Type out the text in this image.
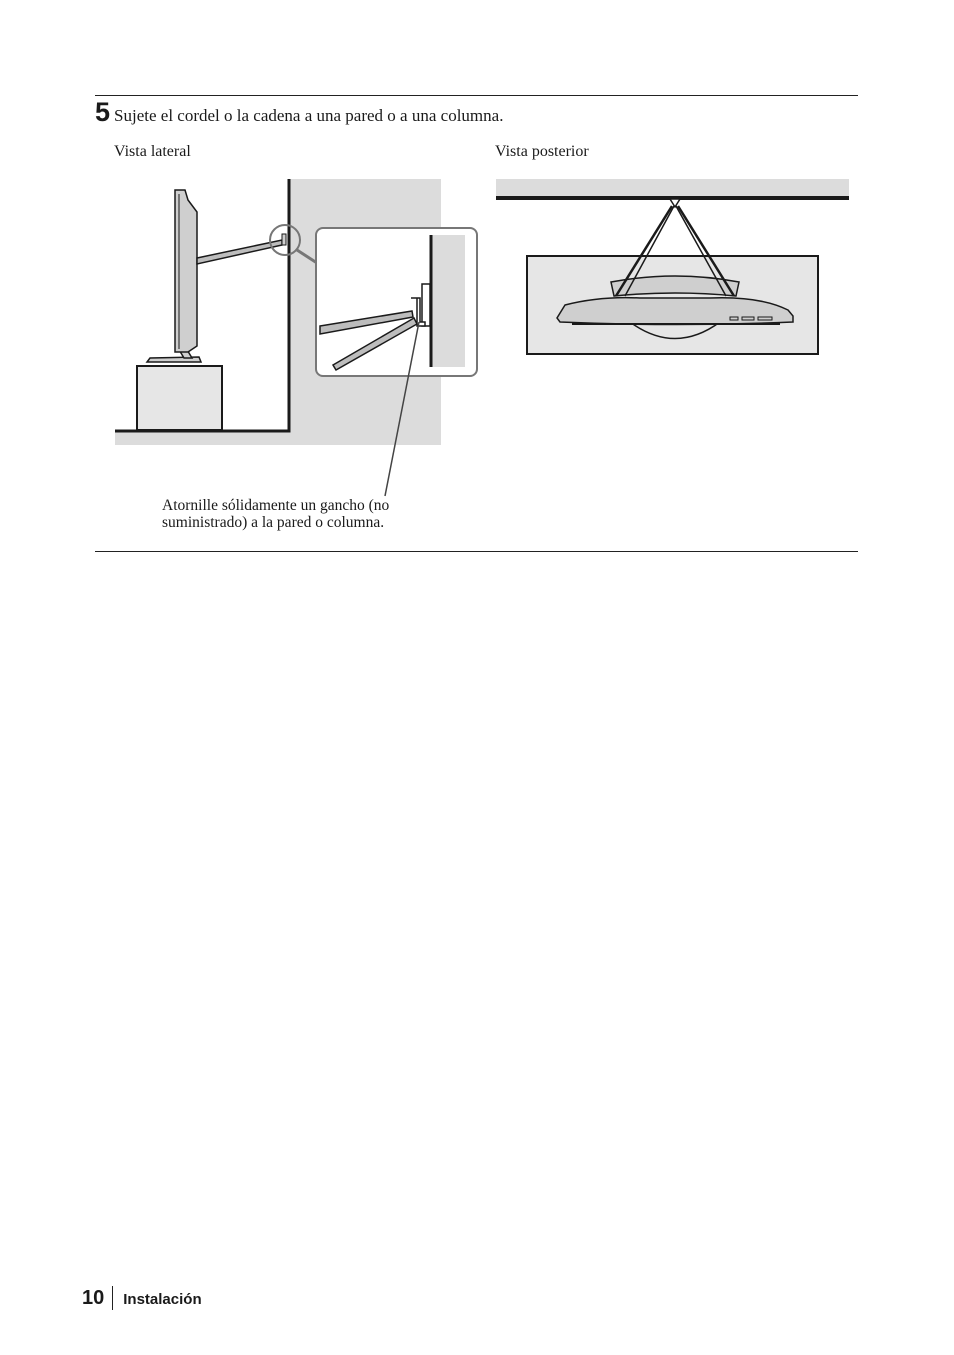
5 Sujete el cordel o la cadena a una pared o a una columna.
Vista lateral	Vista posterior
Atornille sólidamente un gancho (no suministrado) a la pared o columna.
10 Instalación
